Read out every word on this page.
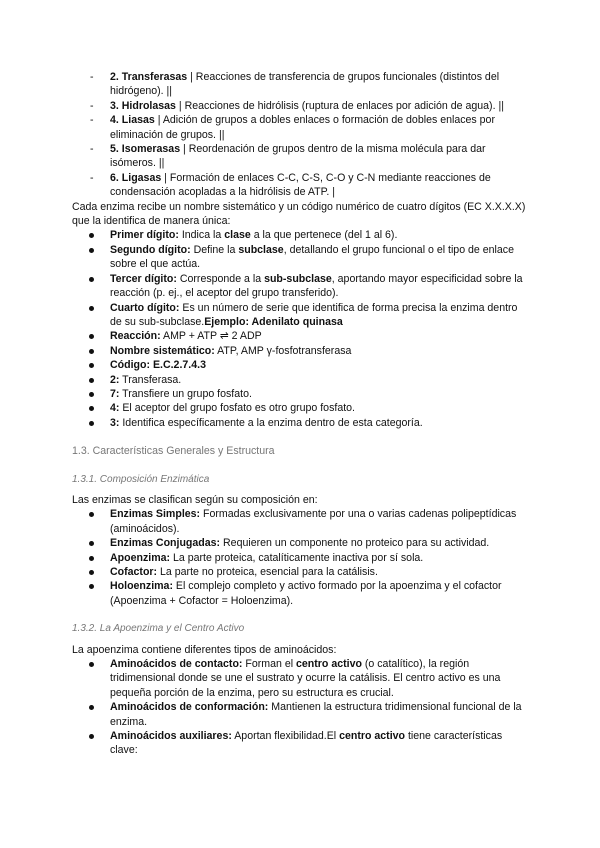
- 2. Transferasas | Reacciones de transferencia de grupos funcionales (distintos del hidrógeno). ||
- 3. Hidrolasas | Reacciones de hidrólisis (ruptura de enlaces por adición de agua). ||
- 4. Liasas | Adición de grupos a dobles enlaces o formación de dobles enlaces por eliminación de grupos. ||
- 5. Isomerasas | Reordenación de grupos dentro de la misma molécula para dar isómeros. ||
- 6. Ligasas | Formación de enlaces C-C, C-S, C-O y C-N mediante reacciones de condensación acopladas a la hidrólisis de ATP. |

Cada enzima recibe un nombre sistemático y un código numérico de cuatro dígitos (EC X.X.X.X) que la identifica de manera única:

Primer dígito: Indica la clase a la que pertenece (del 1 al 6).
Segundo dígito: Define la subclase, detallando el grupo funcional o el tipo de enlace sobre el que actúa.
Tercer dígito: Corresponde a la sub-subclase, aportando mayor especificidad sobre la reacción (p. ej., el aceptor del grupo transferido).
Cuarto dígito: Es un número de serie que identifica de forma precisa la enzima dentro de su sub-subclase.Ejemplo: Adenilato quinasa
Reacción: AMP + ATP ⇌ 2 ADP
Nombre sistemático: ATP, AMP γ-fosfotransferasa
Código: E.C.2.7.4.3
2: Transferasa.
7: Transfiere un grupo fosfato.
4: El aceptor del grupo fosfato es otro grupo fosfato.
3: Identifica específicamente a la enzima dentro de esta categoría.

1.3. Características Generales y Estructura

1.3.1. Composición Enzimática

Las enzimas se clasifican según su composición en:

Enzimas Simples: Formadas exclusivamente por una o varias cadenas polipeptídicas (aminoácidos).
Enzimas Conjugadas: Requieren un componente no proteico para su actividad.
Apoenzima: La parte proteica, catalíticamente inactiva por sí sola.
Cofactor: La parte no proteica, esencial para la catálisis.
Holoenzima: El complejo completo y activo formado por la apoenzima y el cofactor (Apoenzima + Cofactor = Holoenzima).

1.3.2. La Apoenzima y el Centro Activo

La apoenzima contiene diferentes tipos de aminoácidos:

Aminoácidos de contacto: Forman el centro activo (o catalítico), la región tridimensional donde se une el sustrato y ocurre la catálisis. El centro activo es una pequeña porción de la enzima, pero su estructura es crucial.
Aminoácidos de conformación: Mantienen la estructura tridimensional funcional de la enzima.
Aminoácidos auxiliares: Aportan flexibilidad.El centro activo tiene características clave:
